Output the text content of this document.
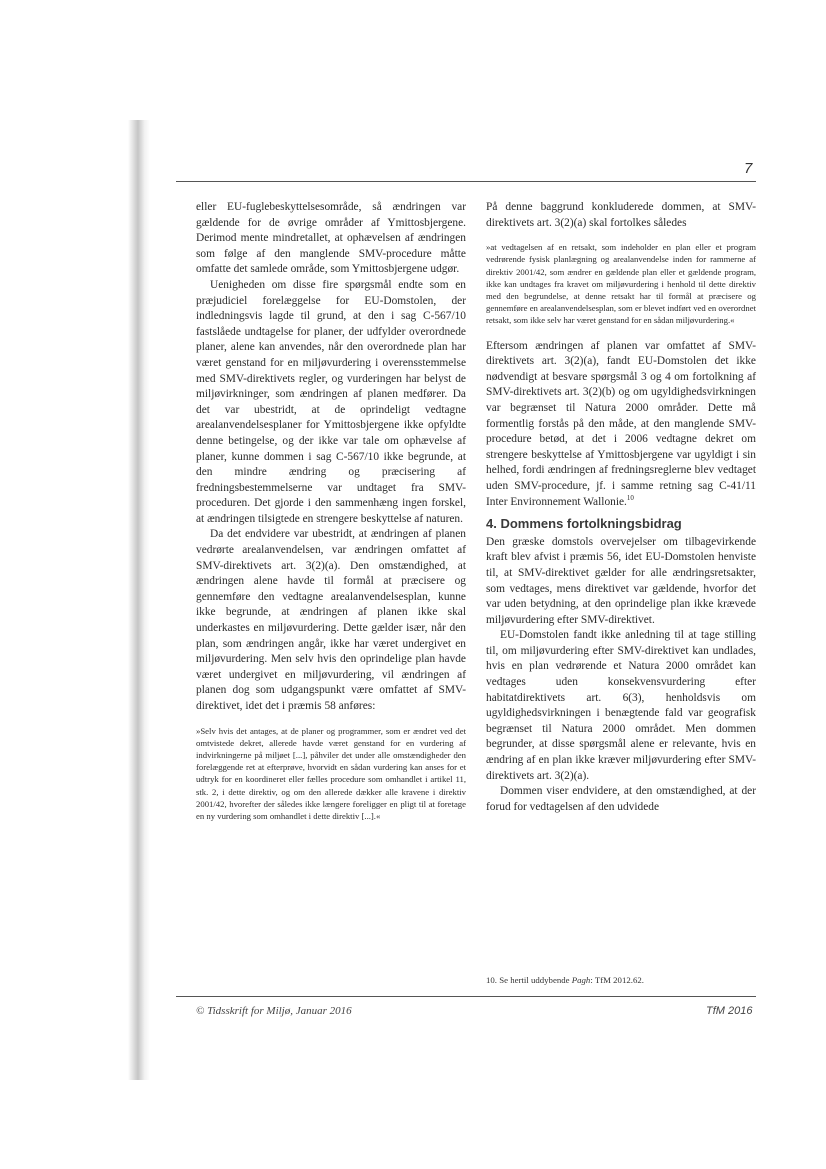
7

eller EU-fuglebeskyttelsesområde, så ændringen var gældende for de øvrige områder af Ymittosbjergene. Derimod mente mindretallet, at ophævelsen af ændringen som følge af den manglende SMV-procedure måtte omfatte det samlede område, som Ymittosbjergene udgør.

Uenigheden om disse fire spørgsmål endte som en præjudiciel forelæggelse for EU-Domstolen, der indledningsvis lagde til grund, at den i sag C-567/10 fastslåede undtagelse for planer, der udfylder overordnede planer, alene kan anvendes, når den overordnede plan har været genstand for en miljøvurdering i overensstemmelse med SMV-direktivets regler, og vurderingen har belyst de miljøvirkninger, som ændringen af planen medfører. Da det var ubestridt, at de oprindeligt vedtagne arealanvendelsesplaner for Ymittosbjergene ikke opfyldte denne betingelse, og der ikke var tale om ophævelse af planer, kunne dommen i sag C-567/10 ikke begrunde, at den mindre ændring og præcisering af fredningsbestemmelserne var undtaget fra SMV-proceduren. Det gjorde i den sammenhæng ingen forskel, at ændringen tilsigtede en strengere beskyttelse af naturen.

Da det endvidere var ubestridt, at ændringen af planen vedrørte arealanvendelsen, var ændringen omfattet af SMV-direktivets art. 3(2)(a). Den omstændighed, at ændringen alene havde til formål at præcisere og gennemføre den vedtagne arealanvendelsesplan, kunne ikke begrunde, at ændringen af planen ikke skal underkastes en miljøvurdering. Dette gælder især, når den plan, som ændringen angår, ikke har været undergivet en miljøvurdering. Men selv hvis den oprindelige plan havde været undergivet en miljøvurdering, vil ændringen af planen dog som udgangspunkt være omfattet af SMV-direktivet, idet det i præmis 58 anføres:

»Selv hvis det antages, at de planer og programmer, som er ændret ved det omtvistede dekret, allerede havde været genstand for en vurdering af indvirkningerne på miljøet [...], påhviler det under alle omstændigheder den forelæggende ret at efterprøve, hvorvidt en sådan vurdering kan anses for et udtryk for en koordineret eller fælles procedure som omhandlet i artikel 11, stk. 2, i dette direktiv, og om den allerede dækker alle kravene i direktiv 2001/42, hvorefter der således ikke længere foreligger en pligt til at foretage en ny vurdering som omhandlet i dette direktiv [...].«

På denne baggrund konkluderede dommen, at SMV-direktivets art. 3(2)(a) skal fortolkes således

»at vedtagelsen af en retsakt, som indeholder en plan eller et program vedrørende fysisk planlægning og arealanvendelse inden for rammerne af direktiv 2001/42, som ændrer en gældende plan eller et gældende program, ikke kan undtages fra kravet om miljøvurdering i henhold til dette direktiv med den begrundelse, at denne retsakt har til formål at præcisere og gennemføre en arealanvendelsesplan, som er blevet indført ved en overordnet retsakt, som ikke selv har været genstand for en sådan miljøvurdering.«

Eftersom ændringen af planen var omfattet af SMV-direktivets art. 3(2)(a), fandt EU-Domstolen det ikke nødvendigt at besvare spørgsmål 3 og 4 om fortolkning af SMV-direktivets art. 3(2)(b) og om ugyldighedsvirkningen var begrænset til Natura 2000 områder. Dette må formentlig forstås på den måde, at den manglende SMV-procedure betød, at det i 2006 vedtagne dekret om strengere beskyttelse af Ymittosbjergene var ugyldigt i sin helhed, fordi ændringen af fredningsreglerne blev vedtaget uden SMV-procedure, jf. i samme retning sag C-41/11 Inter Environnement Wallonie.$^{10}$

4. Dommens fortolkningsbidrag

Den græske domstols overvejelser om tilbagevirkende kraft blev afvist i præmis 56, idet EU-Domstolen henviste til, at SMV-direktivet gælder for alle ændringsretsakter, som vedtages, mens direktivet var gældende, hvorfor det var uden betydning, at den oprindelige plan ikke krævede miljøvurdering efter SMV-direktivet.

EU-Domstolen fandt ikke anledning til at tage stilling til, om miljøvurdering efter SMV-direktivet kan undlades, hvis en plan vedrørende et Natura 2000 området kan vedtages uden konsekvensvurdering efter habitatdirektivets art. 6(3), henholdsvis om ugyldighedsvirkningen i benægtende fald var geografisk begrænset til Natura 2000 området. Men dommen begrunder, at disse spørgsmål alene er relevante, hvis en ændring af en plan ikke kræver miljøvurdering efter SMV-direktivets art. 3(2)(a).

Dommen viser endvidere, at den omstændighed, at der forud for vedtagelsen af den udvidede

10. Se hertil uddybende Pagh: TfM 2012.62.
© Tidsskrift for Miljø, Januar 2016	TfM 2016
